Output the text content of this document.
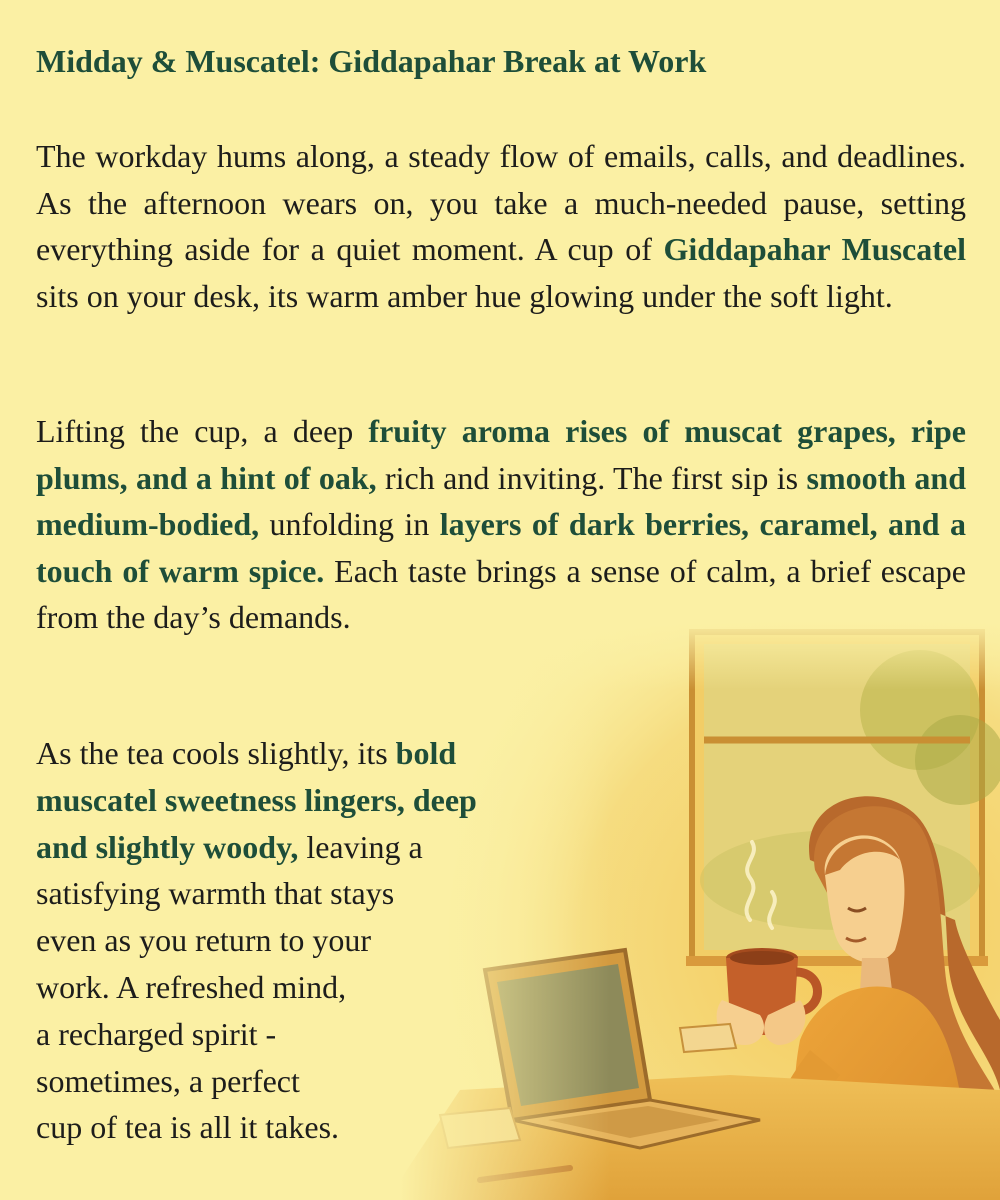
Midday & Muscatel: Giddapahar Break at Work

The workday hums along, a steady flow of emails, calls, and deadlines. As the afternoon wears on, you take a much-needed pause, setting everything aside for a quiet moment. A cup of Giddapahar Muscatel sits on your desk, its warm amber hue glowing under the soft light.

Lifting the cup, a deep fruity aroma rises of muscat grapes, ripe plums, and a hint of oak, rich and inviting. The first sip is smooth and medium-bodied, unfolding in layers of dark berries, caramel, and a touch of warm spice. Each taste brings a sense of calm, a brief escape from the day’s demands.

As the tea cools slightly, its bold
muscatel sweetness lingers, deep
and slightly woody, leaving a
satisfying warmth that stays
even as you return to your
work. A refreshed mind,
a recharged spirit -
sometimes, a perfect
cup of tea is all it takes.
